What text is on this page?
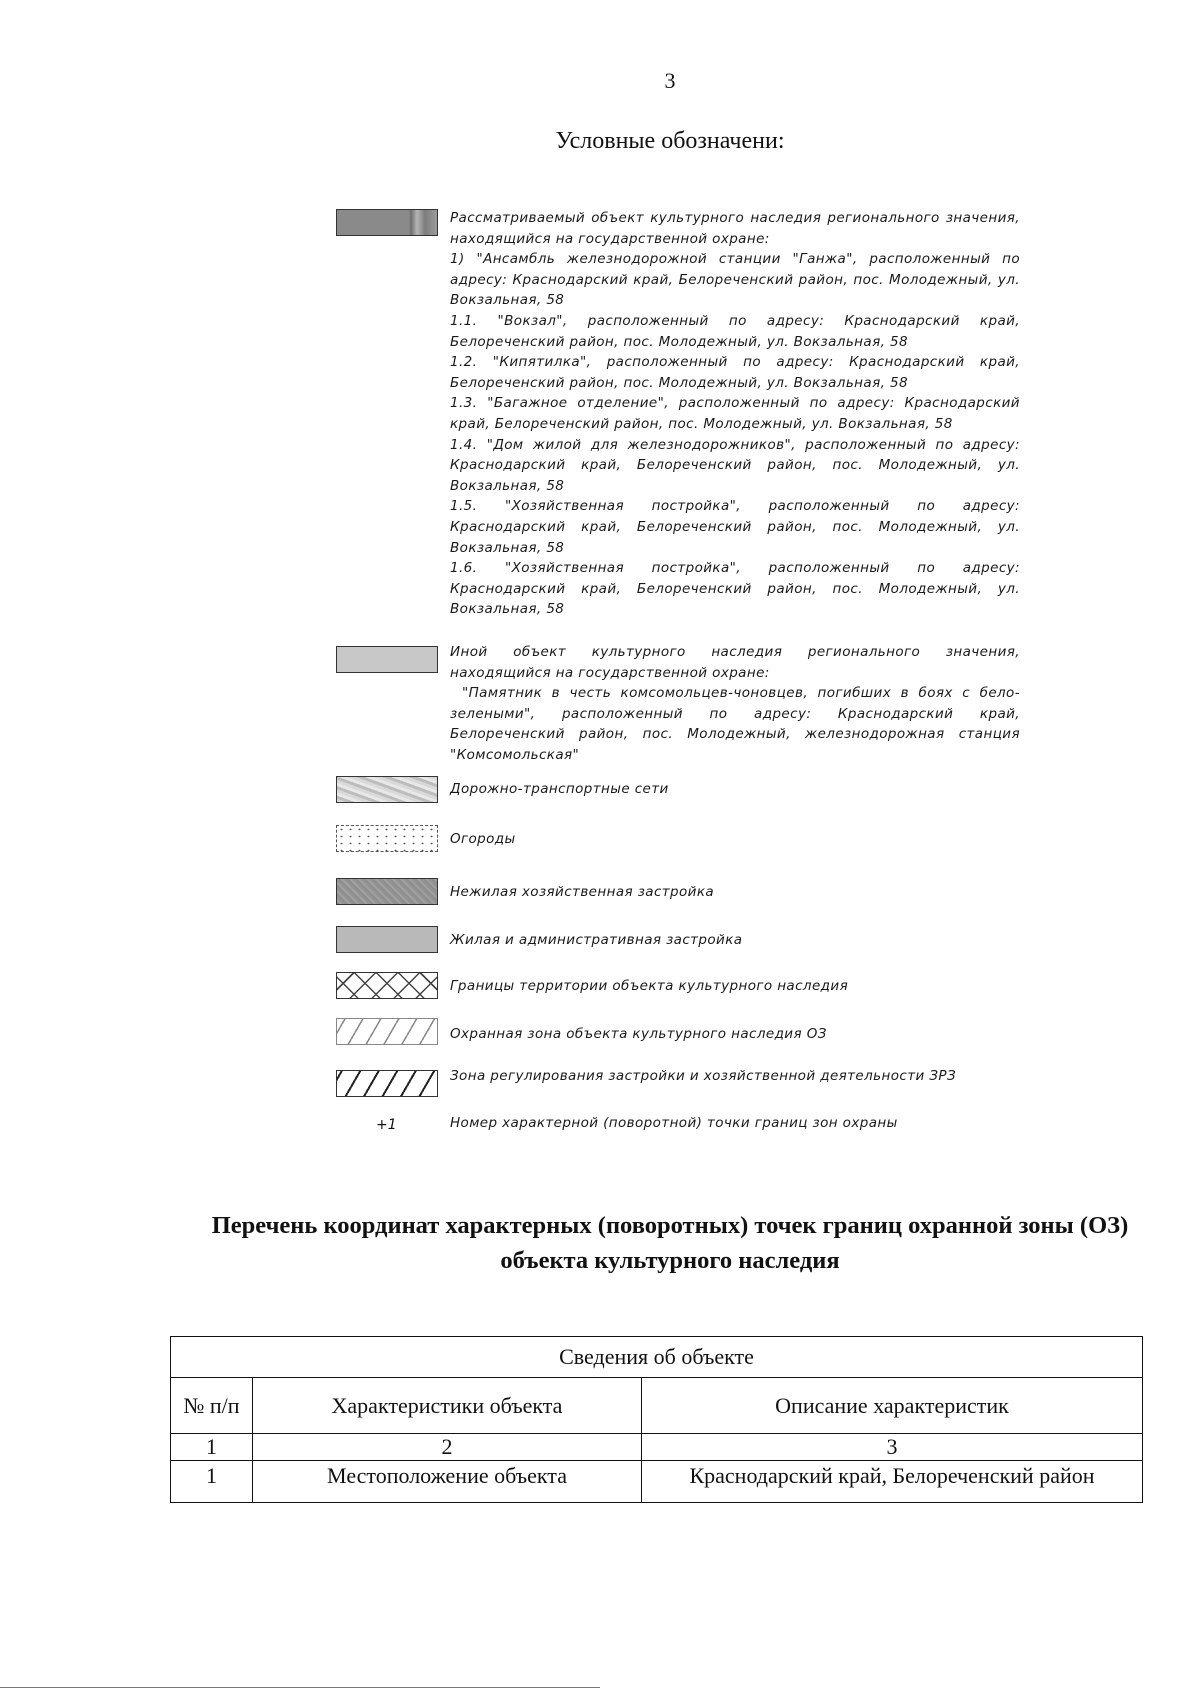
3
Условные обозначени:
Рассматриваемый объект культурного наследия регионального значения, находящийся на государственной охране:
1) "Ансамбль железнодорожной станции "Ганжа", расположенный по адресу: Краснодарский край, Белореченский район, пос. Молодежный, ул. Вокзальная, 58
1.1. "Вокзал", расположенный по адресу: Краснодарский край, Белореченский район, пос. Молодежный, ул. Вокзальная, 58
1.2. "Кипятилка", расположенный по адресу: Краснодарский край, Белореченский район, пос. Молодежный, ул. Вокзальная, 58
1.3. "Багажное отделение", расположенный по адресу: Краснодарский край, Белореченский район, пос. Молодежный, ул. Вокзальная, 58
1.4. "Дом жилой для железнодорожников", расположенный по адресу: Краснодарский край, Белореченский район, пос. Молодежный, ул. Вокзальная, 58
1.5. "Хозяйственная постройка", расположенный по адресу: Краснодарский край, Белореченский район, пос. Молодежный, ул. Вокзальная, 58
1.6. "Хозяйственная постройка", расположенный по адресу: Краснодарский край, Белореченский район, пос. Молодежный, ул. Вокзальная, 58
Иной объект культурного наследия регионального значения, находящийся на государственной охране:
"Памятник в честь комсомольцев-чоновцев, погибших в боях с бело-зелеными", расположенный по адресу: Краснодарский край, Белореченский район, пос. Молодежный, железнодорожная станция "Комсомольская"
Дорожно-транспортные сети
Огороды
Нежилая хозяйственная застройка
Жилая и административная застройка
Границы территории объекта культурного наследия
Охранная зона объекта культурного наследия ОЗ
Зона регулирования застройки и хозяйственной деятельности ЗРЗ
+1	Номер характерной (поворотной) точки границ зон охраны
Перечень координат характерных (поворотных) точек границ охранной зоны (ОЗ) объекта культурного наследия
Сведения об объекте		
№ п/п	Характеристики объекта	Описание характеристик
1	2	3
1	Местоположение объекта	Краснодарский край, Белореченский район
